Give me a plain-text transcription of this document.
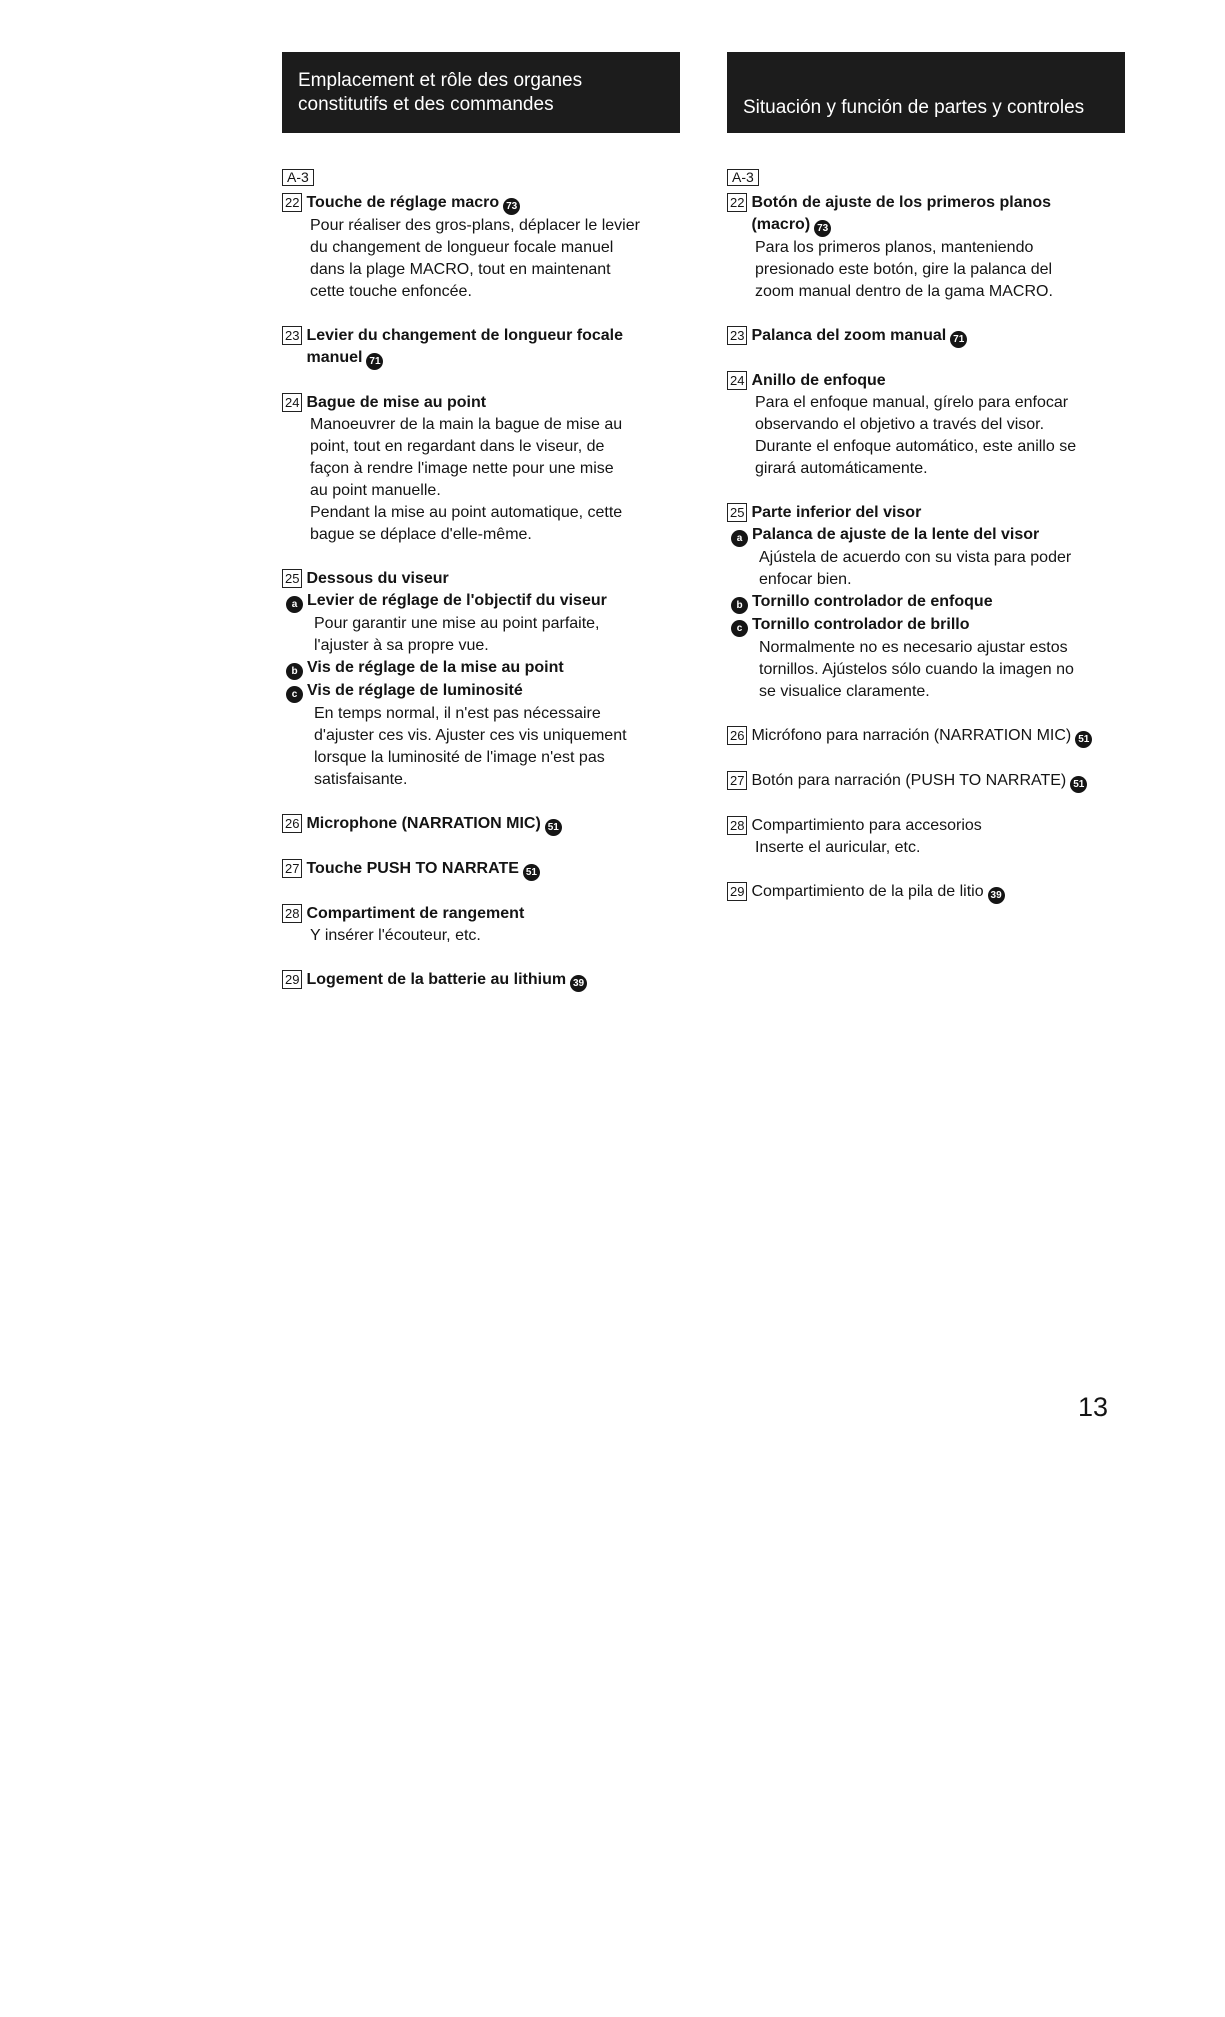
Emplacement et rôle des organes
constitutifs et des commandes
A-3
22 Touche de réglage macro 73
Pour réaliser des gros-plans, déplacer le levier
du changement de longueur focale manuel
dans la plage MACRO, tout en maintenant
cette touche enfoncée.
23 Levier du changement de longueur focale
manuel 71
24 Bague de mise au point
Manoeuvrer de la main la bague de mise au
point, tout en regardant dans le viseur, de
façon à rendre l'image nette pour une mise
au point manuelle.
Pendant la mise au point automatique, cette
bague se déplace d'elle-même.
25 Dessous du viseur
a Levier de réglage de l'objectif du viseur
Pour garantir une mise au point parfaite,
l'ajuster à sa propre vue.
b Vis de réglage de la mise au point
c Vis de réglage de luminosité
En temps normal, il n'est pas nécessaire
d'ajuster ces vis. Ajuster ces vis uniquement
lorsque la luminosité de l'image n'est pas
satisfaisante.
26 Microphone (NARRATION MIC) 51
27 Touche PUSH TO NARRATE 51
28 Compartiment de rangement
Y insérer l'écouteur, etc.
29 Logement de la batterie au lithium 39
Situación y función de partes y controles
A-3
22 Botón de ajuste de los primeros planos
(macro) 73
Para los primeros planos, manteniendo
presionado este botón, gire la palanca del
zoom manual dentro de la gama MACRO.
23 Palanca del zoom manual 71
24 Anillo de enfoque
Para el enfoque manual, gírelo para enfocar
observando el objetivo a través del visor.
Durante el enfoque automático, este anillo se
girará automáticamente.
25 Parte inferior del visor
a Palanca de ajuste de la lente del visor
Ajústela de acuerdo con su vista para poder
enfocar bien.
b Tornillo controlador de enfoque
c Tornillo controlador de brillo
Normalmente no es necesario ajustar estos
tornillos. Ajústelos sólo cuando la imagen no
se visualice claramente.
26 Micrófono para narración (NARRATION MIC) 51
27 Botón para narración (PUSH TO NARRATE) 51
28 Compartimiento para accesorios
Inserte el auricular, etc.
29 Compartimiento de la pila de litio 39
13
